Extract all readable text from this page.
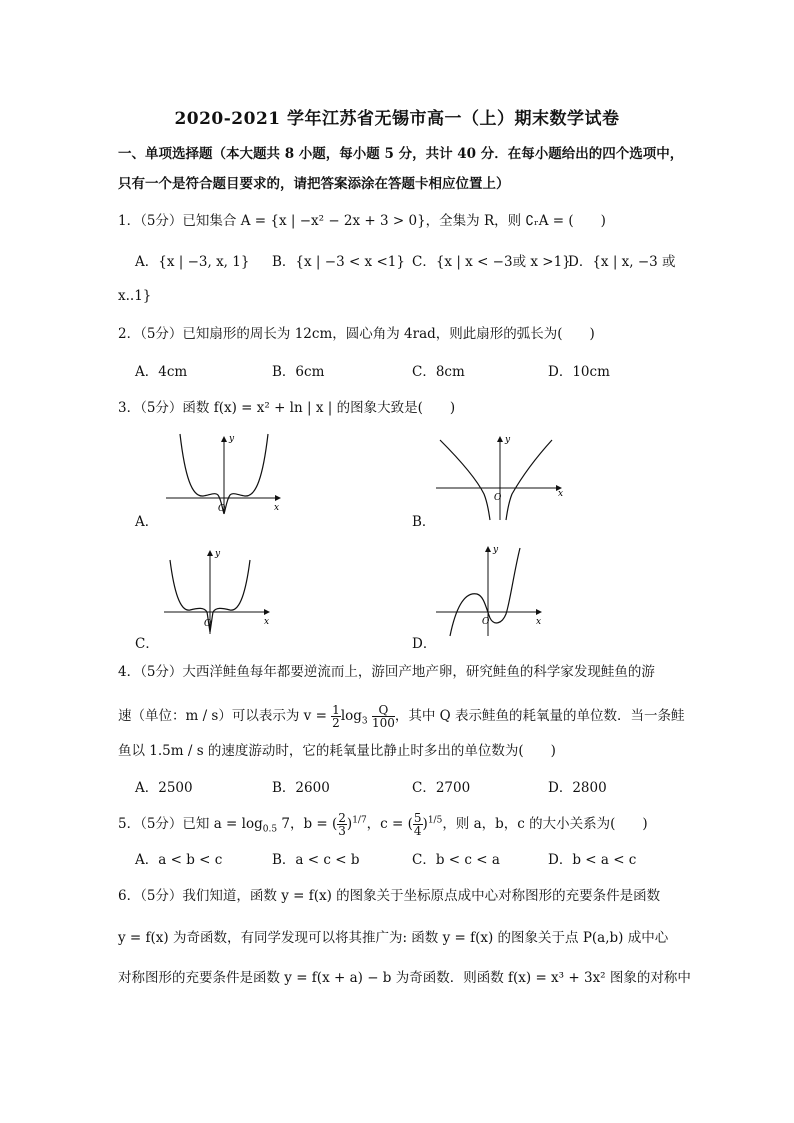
2020-2021 学年江苏省无锡市高一（上）期末数学试卷
一、单项选择题（本大题共 8 小题，每小题 5 分，共计 40 分．在每小题给出的四个选项中，
只有一个是符合题目要求的，请把答案添涂在答题卡相应位置上）
1．（5分）已知集合 A = {x | −x² − 2x + 3 > 0}，全集为 R，则 ∁ᵣA = (　　)
A．{x | −3, x, 1} B．{x | −3 < x <1} C．{x | x < −3或 x >1}
D．{x | x, −3 或
x..1}
2．（5分）已知扇形的周长为 12cm，圆心角为 4rad，则此扇形的弧长为(　　)
A．4cm	B．6cm	C．8cm	D．10cm
3．（5分）函数 f(x) = x² + ln | x | 的图象大致是(　　)
y
x
O
A．
y
x
O
B．
y
x
O
C．
y
x
O
D．
4．（5分）大西洋鲑鱼每年都要逆流而上，游回产地产卵，研究鲑鱼的科学家发现鲑鱼的游
速（单位：m / s）可以表示为 $v = \frac{1}{2} \log_3 \frac{Q}{100}$ ，其中 Q 表示鲑鱼的耗氧量的单位数．当一条鲑
鱼以 1.5m / s 的速度游动时，它的耗氧量比静止时多出的单位数为(　　)
A．2500	B．2600	C．2700	D．2800
5．（5分）已知 $a = \log_{0.5} 7$，b = ( $\frac{2}{3} )^{1/7}$，c = ( $\frac{5}{4} )^{1/5}$，则 a，b，c 的大小关系为(　　)
A．a < b < c	B．a < c < b	C．b < c < a	D．b < a < c
6．（5分）我们知道，函数 y = f(x) 的图象关于坐标原点成中心对称图形的充要条件是函数
y = f(x) 为奇函数，有同学发现可以将其推广为: 函数 y = f(x) 的图象关于点 P(a,b) 成中心
对称图形的充要条件是函数 y = f(x + a) − b 为奇函数．则函数 f(x) = x³ + 3x² 图象的对称中
